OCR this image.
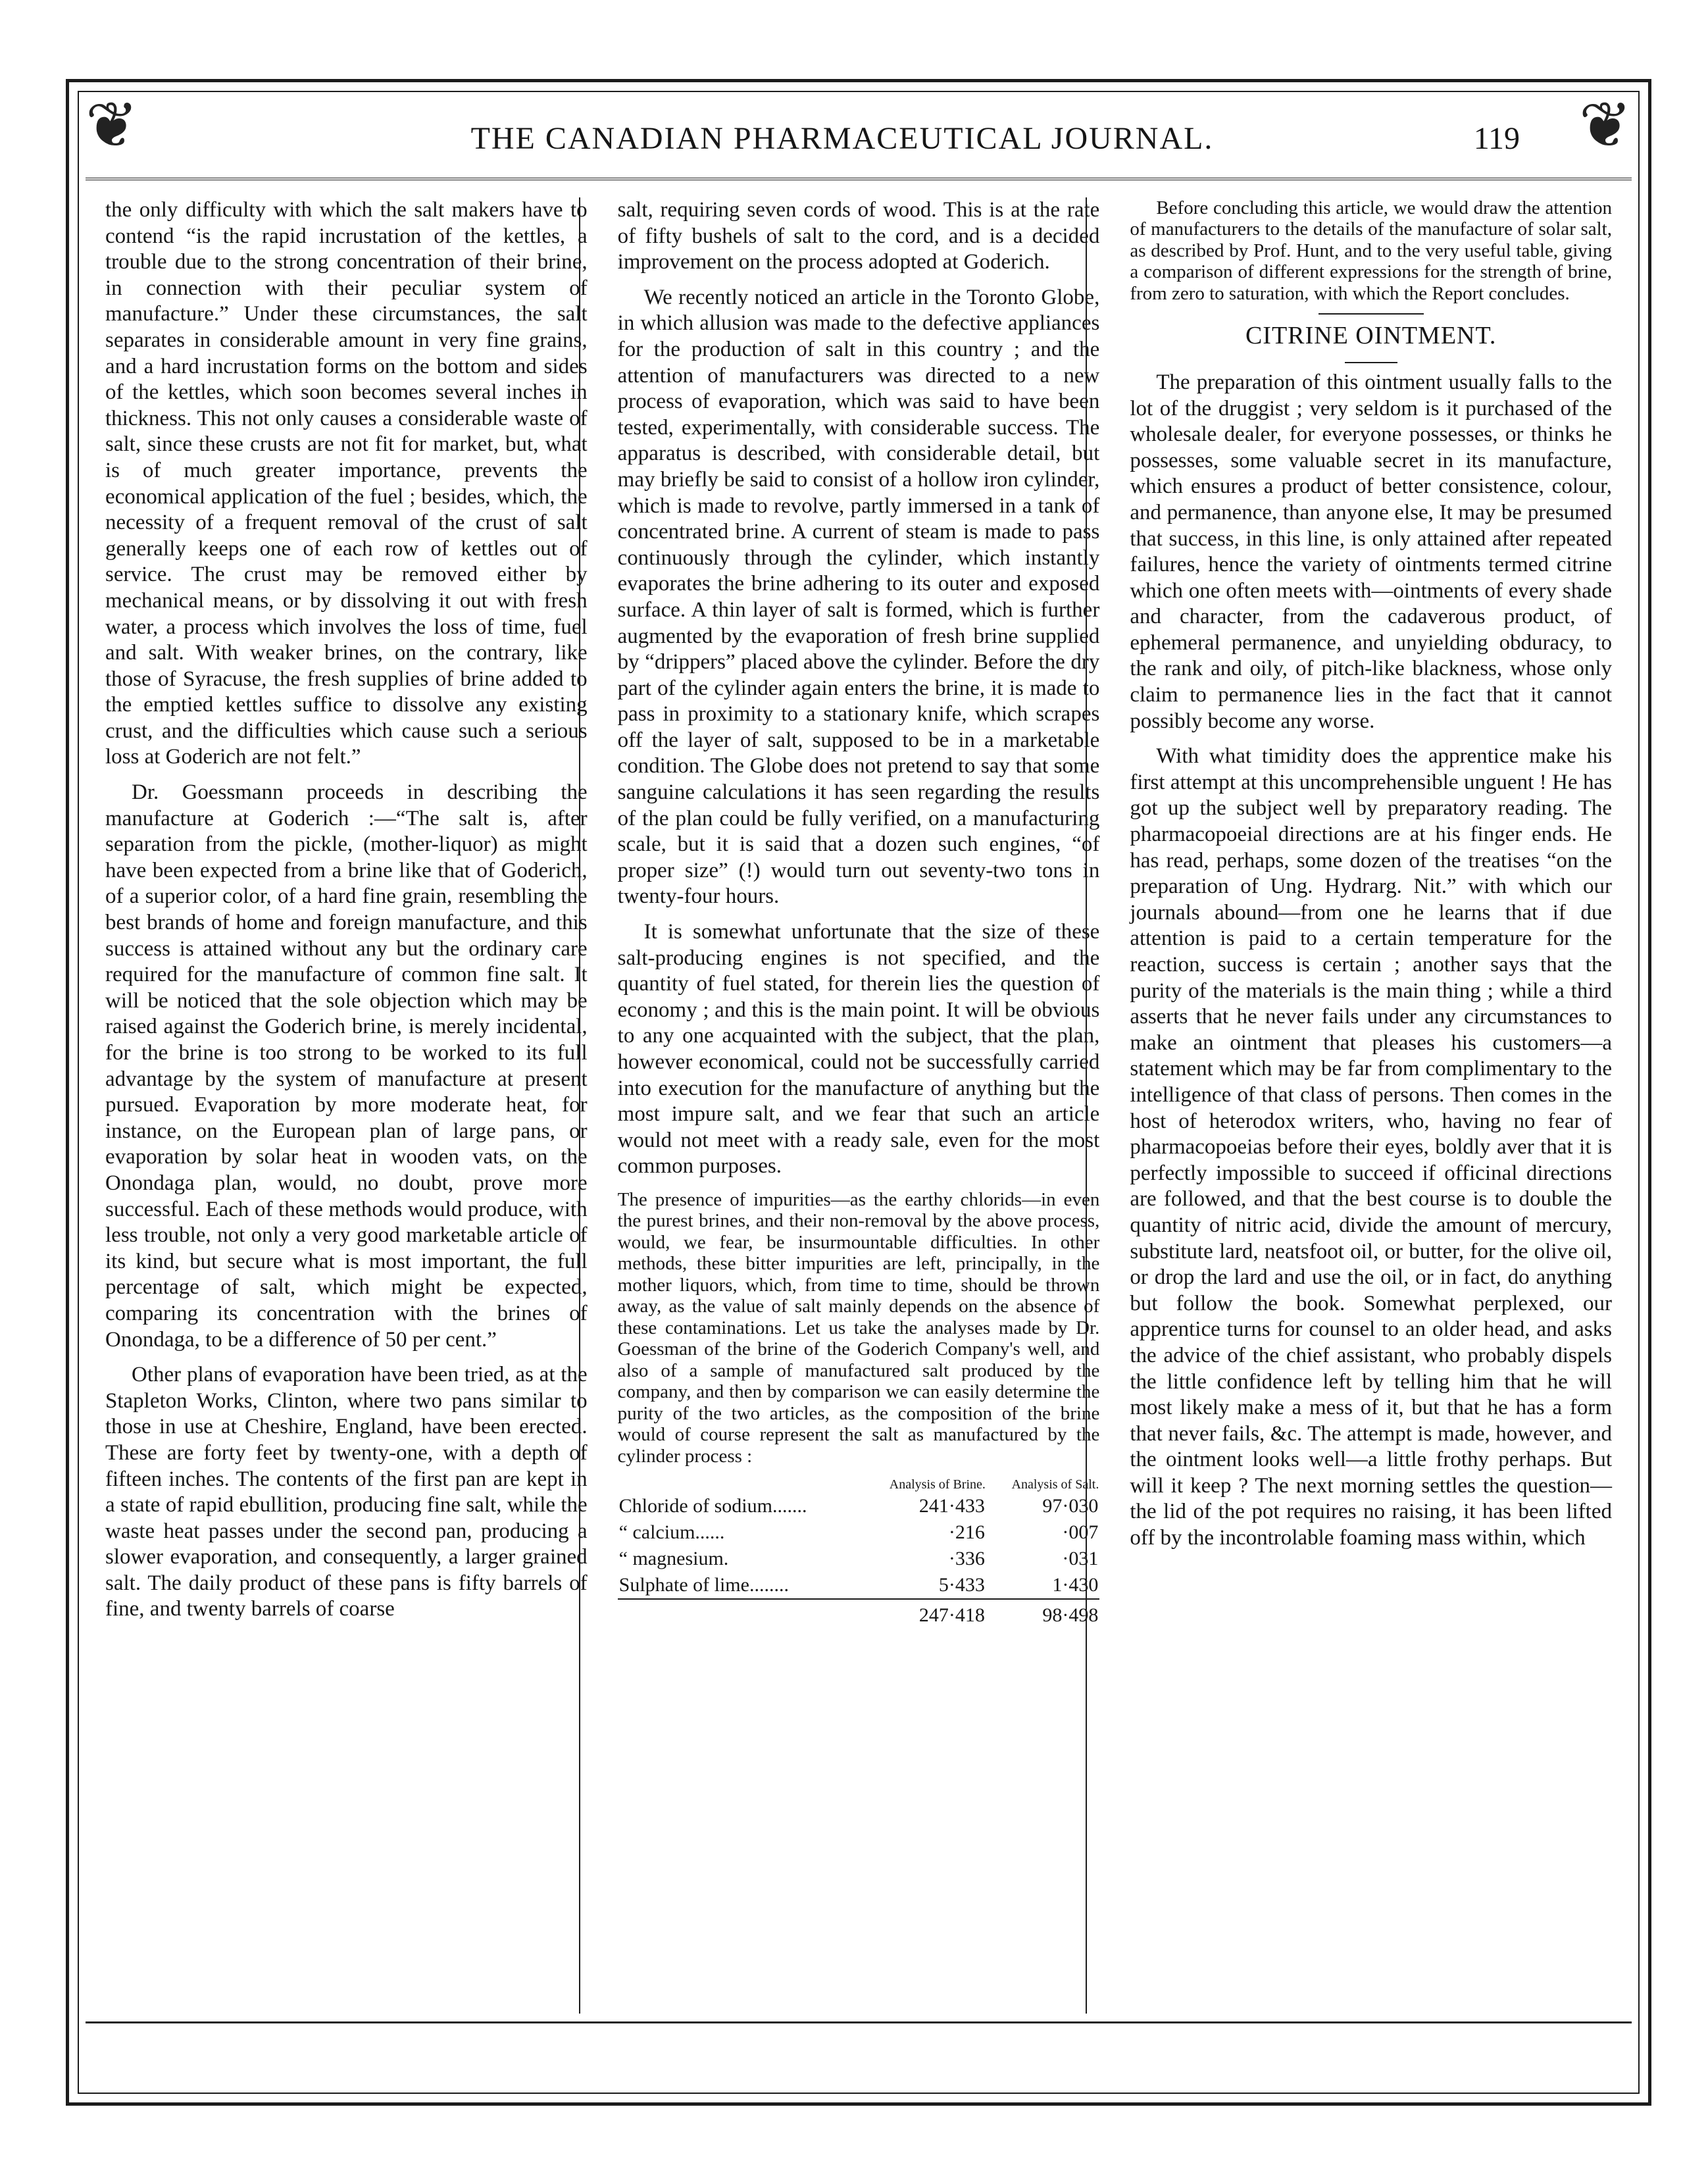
❦	❦
THE CANADIAN PHARMACEUTICAL JOURNAL.	119

the only difficulty with which the salt makers have to contend “is the rapid incrustation of the kettles, a trouble due to the strong concentration of their brine, in connection with their peculiar system of manufacture.” Under these circumstances, the salt separates in considerable amount in very fine grains, and a hard incrustation forms on the bottom and sides of the kettles, which soon becomes several inches in thickness. This not only causes a considerable waste of salt, since these crusts are not fit for market, but, what is of much greater importance, prevents the economical application of the fuel ; besides, which, the necessity of a frequent removal of the crust of salt generally keeps one of each row of kettles out of service. The crust may be removed either by mechanical means, or by dissolving it out with fresh water, a process which involves the loss of time, fuel and salt. With weaker brines, on the contrary, like those of Syracuse, the fresh supplies of brine added to the emptied kettles suffice to dissolve any existing crust, and the difficulties which cause such a serious loss at Goderich are not felt.”

Dr. Goessmann proceeds in describing the manufacture at Goderich :—“The salt is, after separation from the pickle, (mother-liquor) as might have been expected from a brine like that of Goderich, of a superior color, of a hard fine grain, resembling the best brands of home and foreign manufacture, and this success is attained without any but the ordinary care required for the manufacture of common fine salt. It will be noticed that the sole objection which may be raised against the Goderich brine, is merely incidental, for the brine is too strong to be worked to its full advantage by the system of manufacture at present pursued. Evaporation by more moderate heat, for instance, on the European plan of large pans, or evaporation by solar heat in wooden vats, on the Onondaga plan, would, no doubt, prove more successful. Each of these methods would produce, with less trouble, not only a very good marketable article of its kind, but secure what is most important, the full percentage of salt, which might be expected, comparing its concentration with the brines of Onondaga, to be a difference of 50 per cent.”

Other plans of evaporation have been tried, as at the Stapleton Works, Clinton, where two pans similar to those in use at Cheshire, England, have been erected. These are forty feet by twenty-one, with a depth of fifteen inches. The contents of the first pan are kept in a state of rapid ebullition, producing fine salt, while the waste heat passes under the second pan, producing a slower evaporation, and consequently, a larger grained salt. The daily product of these pans is fifty barrels of fine, and twenty barrels of coarse

salt, requiring seven cords of wood. This is at the rate of fifty bushels of salt to the cord, and is a decided improvement on the process adopted at Goderich.

We recently noticed an article in the Toronto Globe, in which allusion was made to the defective appliances for the production of salt in this country ; and the attention of manufacturers was directed to a new process of evaporation, which was said to have been tested, experimentally, with considerable success. The apparatus is described, with considerable detail, but may briefly be said to consist of a hollow iron cylinder, which is made to revolve, partly immersed in a tank of concentrated brine. A current of steam is made to pass continuously through the cylinder, which instantly evaporates the brine adhering to its outer and exposed surface. A thin layer of salt is formed, which is further augmented by the evaporation of fresh brine supplied by “drippers” placed above the cylinder. Before the dry part of the cylinder again enters the brine, it is made to pass in proximity to a stationary knife, which scrapes off the layer of salt, supposed to be in a marketable condition. The Globe does not pretend to say that some sanguine calculations it has seen regarding the results of the plan could be fully verified, on a manufacturing scale, but it is said that a dozen such engines, “of proper size” (!) would turn out seventy-two tons in twenty-four hours.

It is somewhat unfortunate that the size of these salt-producing engines is not specified, and the quantity of fuel stated, for therein lies the question of economy ; and this is the main point. It will be obvious to any one acquainted with the subject, that the plan, however economical, could not be successfully carried into execution for the manufacture of anything but the most impure salt, and we fear that such an article would not meet with a ready sale, even for the most common purposes.

The presence of impurities—as the earthy chlorids—in even the purest brines, and their non-removal by the above process, would, we fear, be insurmountable difficulties. In other methods, these bitter impurities are left, principally, in the mother liquors, which, from time to time, should be thrown away, as the value of salt mainly depends on the absence of these contaminations. Let us take the analyses made by Dr. Goessman of the brine of the Goderich Company's well, and also of a sample of manufactured salt produced by the company, and then by comparison we can easily determine the purity of the two articles, as the composition of the brine would of course represent the salt as manufactured by the cylinder process :

	Analysis of Brine.	Analysis of Salt.
Chloride of sodium.......	241·433	97·030
“ calcium......	·216	·007
“ magnesium.	·336	·031
Sulphate of lime........	5·433	1·430
	247·418	98·498

Before concluding this article, we would draw the attention of manufacturers to the details of the manufacture of solar salt, as described by Prof. Hunt, and to the very useful table, giving a comparison of different expressions for the strength of brine, from zero to saturation, with which the Report concludes.

CITRINE OINTMENT.

The preparation of this ointment usually falls to the lot of the druggist ; very seldom is it purchased of the wholesale dealer, for everyone possesses, or thinks he possesses, some valuable secret in its manufacture, which ensures a product of better consistence, colour, and permanence, than anyone else, It may be presumed that success, in this line, is only attained after repeated failures, hence the variety of ointments termed citrine which one often meets with—ointments of every shade and character, from the cadaverous product, of ephemeral permanence, and unyielding obduracy, to the rank and oily, of pitch-like blackness, whose only claim to permanence lies in the fact that it cannot possibly become any worse.

With what timidity does the apprentice make his first attempt at this uncomprehensible unguent ! He has got up the subject well by preparatory reading. The pharmacopoeial directions are at his finger ends. He has read, perhaps, some dozen of the treatises “on the preparation of Ung. Hydrarg. Nit.” with which our journals abound—from one he learns that if due attention is paid to a certain temperature for the reaction, success is certain ; another says that the purity of the materials is the main thing ; while a third asserts that he never fails under any circumstances to make an ointment that pleases his customers—a statement which may be far from complimentary to the intelligence of that class of persons. Then comes in the host of heterodox writers, who, having no fear of pharmacopoeias before their eyes, boldly aver that it is perfectly impossible to succeed if officinal directions are followed, and that the best course is to double the quantity of nitric acid, divide the amount of mercury, substitute lard, neatsfoot oil, or butter, for the olive oil, or drop the lard and use the oil, or in fact, do anything but follow the book. Somewhat perplexed, our apprentice turns for counsel to an older head, and asks the advice of the chief assistant, who probably dispels the little confidence left by telling him that he will most likely make a mess of it, but that he has a form that never fails, &c. The attempt is made, however, and the ointment looks well—a little frothy perhaps. But will it keep ? The next morning settles the question—the lid of the pot requires no raising, it has been lifted off by the incontrolable foaming mass within, which
